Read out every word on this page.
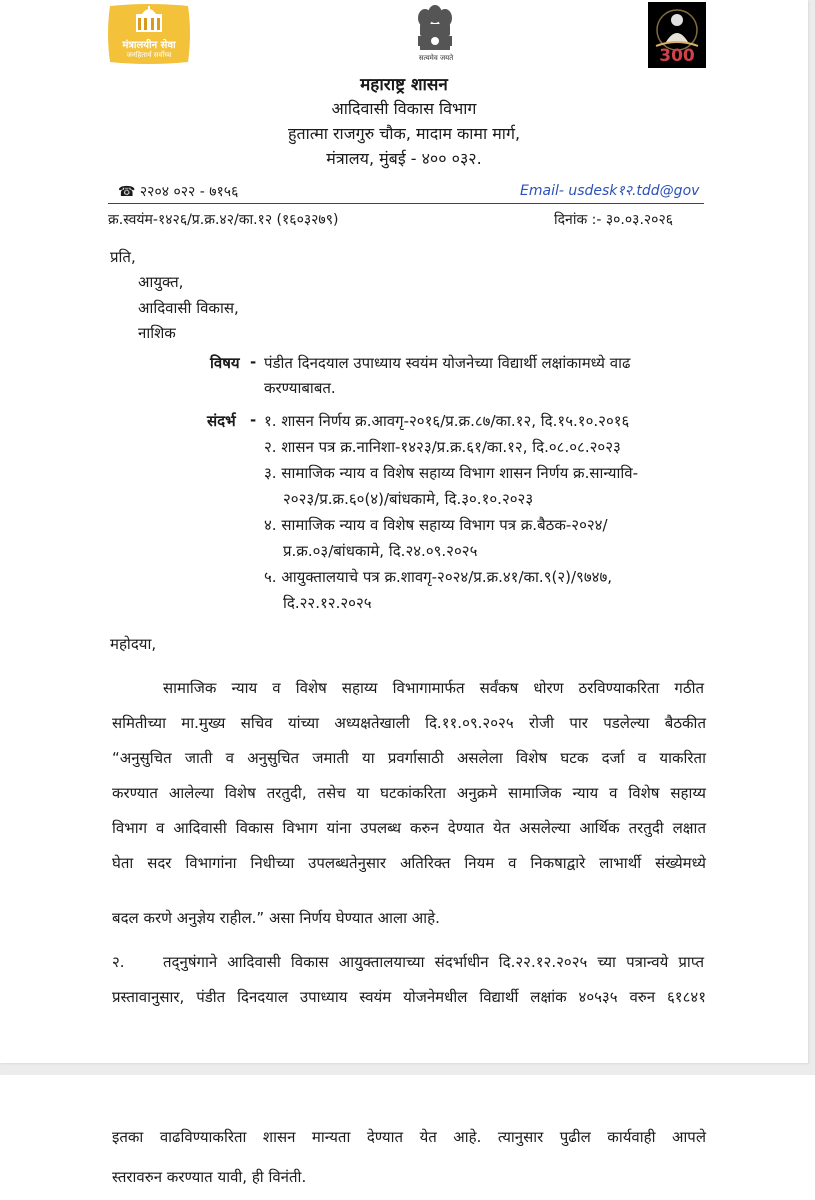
मंत्रालयीन सेवा
जनहितार्थ सर्वोच्च	सत्यमेव जयते	300
महाराष्ट्र शासन
आदिवासी विकास विभाग
हुतात्मा राजगुरु चौक, मादाम कामा मार्ग,
मंत्रालय, मुंबई - ४०० ०३२.
☎ २२०४ ०२२ - ७१५६	Email- usdesk१२.tdd@gov
क्र.स्वयंम-१४२६/प्र.क्र.४२/का.१२ (१६०३२७९)	दिनांक :- ३०.०३.२०२६
प्रति,
आयुक्त,
आदिवासी विकास,
नाशिक
विषय - पंडीत दिनदयाल उपाध्याय स्वयंम योजनेच्या विद्यार्थी लक्षांकामध्ये वाढ
करण्याबाबत.
संदर्भ - १. शासन निर्णय क्र.आवगृ-२०१६/प्र.क्र.८७/का.१२, दि.१५.१०.२०१६
२. शासन पत्र क्र.नानिशा-१४२३/प्र.क्र.६१/का.१२, दि.०८.०८.२०२३
३. सामाजिक न्याय व विशेष सहाय्य विभाग शासन निर्णय क्र.सान्यावि-
२०२३/प्र.क्र.६०(४)/बांधकामे, दि.३०.१०.२०२३
४. सामाजिक न्याय व विशेष सहाय्य विभाग पत्र क्र.बैठक-२०२४/
प्र.क्र.०३/बांधकामे, दि.२४.०९.२०२५
५. आयुक्तालयाचे पत्र क्र.शावगृ-२०२४/प्र.क्र.४१/का.९(२)/९७४७,
दि.२२.१२.२०२५
महोदया,
सामाजिक न्याय व विशेष सहाय्य विभागामार्फत सर्वंकष धोरण ठरविण्याकरिता गठीत
समितीच्या मा.मुख्य सचिव यांच्या अध्यक्षतेखाली दि.११.०९.२०२५ रोजी पार पडलेल्या बैठकीत
“अनुसुचित जाती व अनुसुचित जमाती या प्रवर्गासाठी असलेला विशेष घटक दर्जा व याकरिता
करण्यात आलेल्या विशेष तरतुदी, तसेच या घटकांकरिता अनुक्रमे सामाजिक न्याय व विशेष सहाय्य
विभाग व आदिवासी विकास विभाग यांना उपलब्ध करुन देण्यात येत असलेल्या आर्थिक तरतुदी लक्षात
घेता सदर विभागांना निधीच्या उपलब्धतेनुसार अतिरिक्त नियम व निकषाद्वारे लाभार्थी संख्येमध्ये
बदल करणे अनुज्ञेय राहील.” असा निर्णय घेण्यात आला आहे.
२.	तद्नुषंगाने आदिवासी विकास आयुक्तालयाच्या संदर्भाधीन दि.२२.१२.२०२५ च्या पत्रान्वये प्राप्त
प्रस्तावानुसार, पंडीत दिनदयाल उपाध्याय स्वयंम योजनेमधील विद्यार्थी लक्षांक ४०५३५ वरुन ६१८४१
इतका वाढविण्याकरिता शासन मान्यता देण्यात येत आहे. त्यानुसार पुढील कार्यवाही आपले
स्तरावरुन करण्यात यावी, ही विनंती.
